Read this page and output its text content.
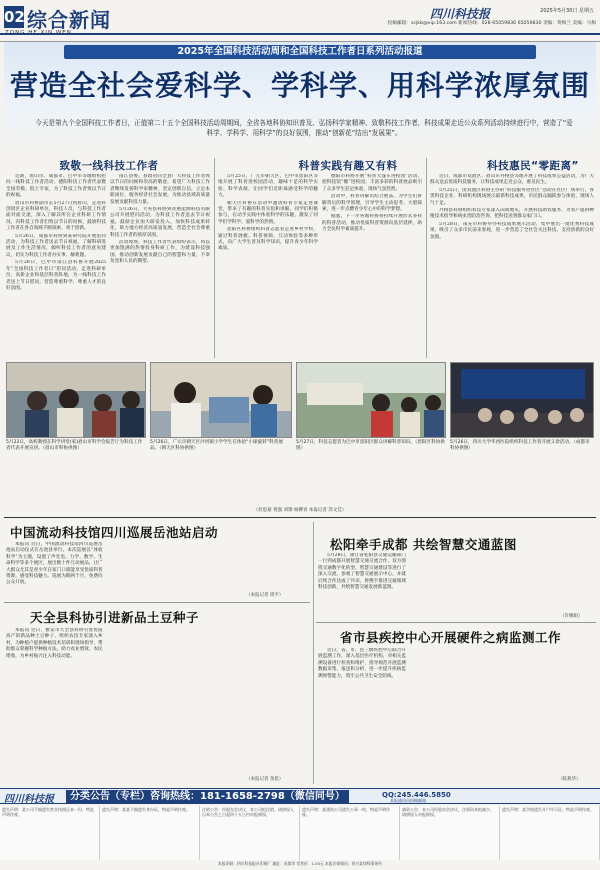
02 综合新闻	四川科技报	2025年5月30日 星期五
投稿邮箱：scjkb@vip.163.com 新闻热线：028-65059836 65059830 责编：黄梅兰 美编：马梅
2025年全国科技活动周和全国科技工作者日系列活动报道
营造全社会爱科学、学科学、用科学浓厚氛围
今天是第九个全国科技工作者日，正值第二十五个全国科技活动周期间，全省各地科协知识普及、弘扬科学家精神、致敬科技工作者，科技成果走近公众系列活动持续进行中，营造了“爱科学、学科学、用科学”的良好氛围，推动“创新花”结出“发展果”。
致敬一线科技工作者	科普实践有趣又有料	科技惠民“零距离”

近期，眉山市、成都市、巴中市等地组织慰问一线科技工作者活动。德阳科技工作者代表暨全国劳模、院士专家，为了科技工作者致以节日的祝福。

眉山市科协副市长5月27日到眉山，走进科创园区企业科研单位，科技人员，与科技工作者面对面交流，深入了解其所在企业科研工作情况，向科技工作者们致以节日的问候，鼓励科技工作者在各自领域不断探索、勇于创新。

5月26日，成都市科协到某研究院开展慰问活动，为科技工作者送去节日祝福，了解科研进展及工作生活情况，倾听科技工作者的意见建议，切实为科技工作者办实事、解难题。

5月28日，巴中市南江县科协开展2025年“全国科技工作者日”慰问活动，走进科研单位、高新企业和基层科普阵地，为一线科技工作者送上节日慰问，营造尊重科学、尊重人才的良好氛围。

南江县委、县政府向全县广大科技工作者致以节日的问候和崇高的敬意，希望广大科技工作者继续发扬科学家精神，坚定创新自信，立足本职岗位、服务经济社会发展，为推动县域高质量发展贡献科技力量。

5月26日，大英县科协到普惠能源科技有限公司开展慰问活动，为科技工作者送去节日祝福，鼓励企业加大研发投入，加快科技成果转化，助力地方经济高质量发展，营造全社会尊重科技工作者的浓厚氛围。

活动现场，科技工作者代表纷纷表示，将以更加饱满的热情投身科研工作，为建设科技强国、推动创新发展贡献自己的智慧和力量，不辜负党和人民的期望。

5月25日，广元市朝天区、巴中市恩阳区等地开展了科普进校园活动，趣味十足的科学实验、科学表演，让同学们近距离感受科学的魅力。

朝天区科协在活动中邀请科普专家走进课堂，带来了有趣的科普实验和讲解，同学们积极参与，在动手实践中体验科学的乐趣，激发了同学们学科学、爱科学的热情。

恩阳区科协组织科普志愿者走进乡村学校，通过科普展板、科普视频、互动体验等多种形式，向广大学生普及科学知识，提升青少年科学素质。

德阳市科协开展“科普大篷车进校园”活动，把科技馆“搬”进校园，丰富多彩的科普展品吸引了众多学生驻足体验，现场气氛热烈。

活动中，科普讲解员结合展品，为学生们讲解背后的科学原理，引导学生主动思考、大胆探索，进一步点燃青少年心中的科学梦想。

据悉，下一步各地科协将持续开展形式多样的科普活动，推动优质科普资源向基层延伸，助力全民科学素质提升。

近日，成都市双流区、眉山市丹棱县等地开展了科技成果公益活动，为广大群众送去优质科技服务，让科技成果走近公众、惠及民生。

5月25日，由双流区科协主办的“科技服务进社区”活动在社区广场举行，各类科技企业、科研机构现场展示最新科技成果，市民群众踊跃参与体验，现场人气十足。

丹棱县科协组织农技专家深入田间地头，开展科技助农服务，为农户提供种植技术指导和病虫害防治咨询，把科技送到群众家门口。

5月28日，南充市科协举办科技成果展示活动，集中展出一批优秀科技成果，吸引了众多市民前来参观，进一步营造了全社会关注科技、支持创新的良好氛围。

5月22日，高校教授在科学讲堂(家)眉山市科学会报告厅为科技工作者代表开展宣讲。（眉山市科协供图）
5月26日，广元市朝天区沙河镇小学学生在体验“小球旋转”科普展品。（朝天区科协供图）
5月27日，科技志愿者为巴中市恩阳区群众讲解科普知识。（恩阳区科协供图）
5月26日，四川大学华西医院组织科技工作者开展义诊活动。（成都市科协供图）
（杜思嘉 黄强 刘翔 杨柳青 本报记者 苏文佳）
中国流动科技馆四川巡展岳池站启动

本报讯 近日，中国流动科技馆四川巡展岳池站启动仪式在岳池县举行。本次巡展以“体验科学”为主题，设置了声光电、力学、数学、生命科学等多个展区，展出数十件互动展品，让广大群众尤其是青少年在家门口就能享受优质科普资源，感受科技魅力。巡展为期两个月，免费向公众开放。

（本报记者 周平）
天全县科协引进新品土豆种子

本报讯 近日，雅安市天全县科协引进优质高产的新品种土豆种子，组织农技专家深入乡村，为种植户提供种植技术培训和现场指导，帮助群众掌握科学种植方法，助力农业增效、农民增收，为乡村振兴注入科技动能。

（本报记者 余思）
松阳牵手成都 共绘智慧交通蓝图

5月28日，浙江省松阳县交通运输部门一行到成都开展智慧交通交流合作，双方围绕交通数字化转型、智慧交通建设等进行了深入交流，参观了智慧交通展示中心，并就后续合作达成了共识，将携手推进交通领域科技创新，共绘智慧交通发展新蓝图。

（许娜娟）
省市县疾控中心开展硬件之病监测工作

近日，省、市、县三级疾控中心联合开展监测工作，深入基层医疗机构，对相关监测设备进行检查和维护，指导规范开展监测数据采集、报送和分析，进一步提升疾病监测预警能力，筑牢公共卫生安全防线。

（陈燕华）
四川科技报	分类公告（专栏）咨询热线：181-1658-2798（微信同号）	QQ:245.446.5850
本报通讯员投稿邮箱
遗失声明：某公司不慎遗失营业执照正本一份，特此声明作废。
遗失声明：某某不慎遗失身份证，特此声明作废。	注销公告：经股东会决议，本公司拟注销，请债权人自本公告之日起四十五日内申报债权。
遗失声明：某建筑公司遗失公章一枚，特此声明作废。
减资公告：本公司经股东会决议，注册资本拟减少，请债权人申报债权。
遗失声明：某学校遗失开户许可证，特此声明作废。
本报印刷：四川科技报社印刷厂 地址：成都市 零售价：1.00元 本报法律顾问：四川某律师事务所
